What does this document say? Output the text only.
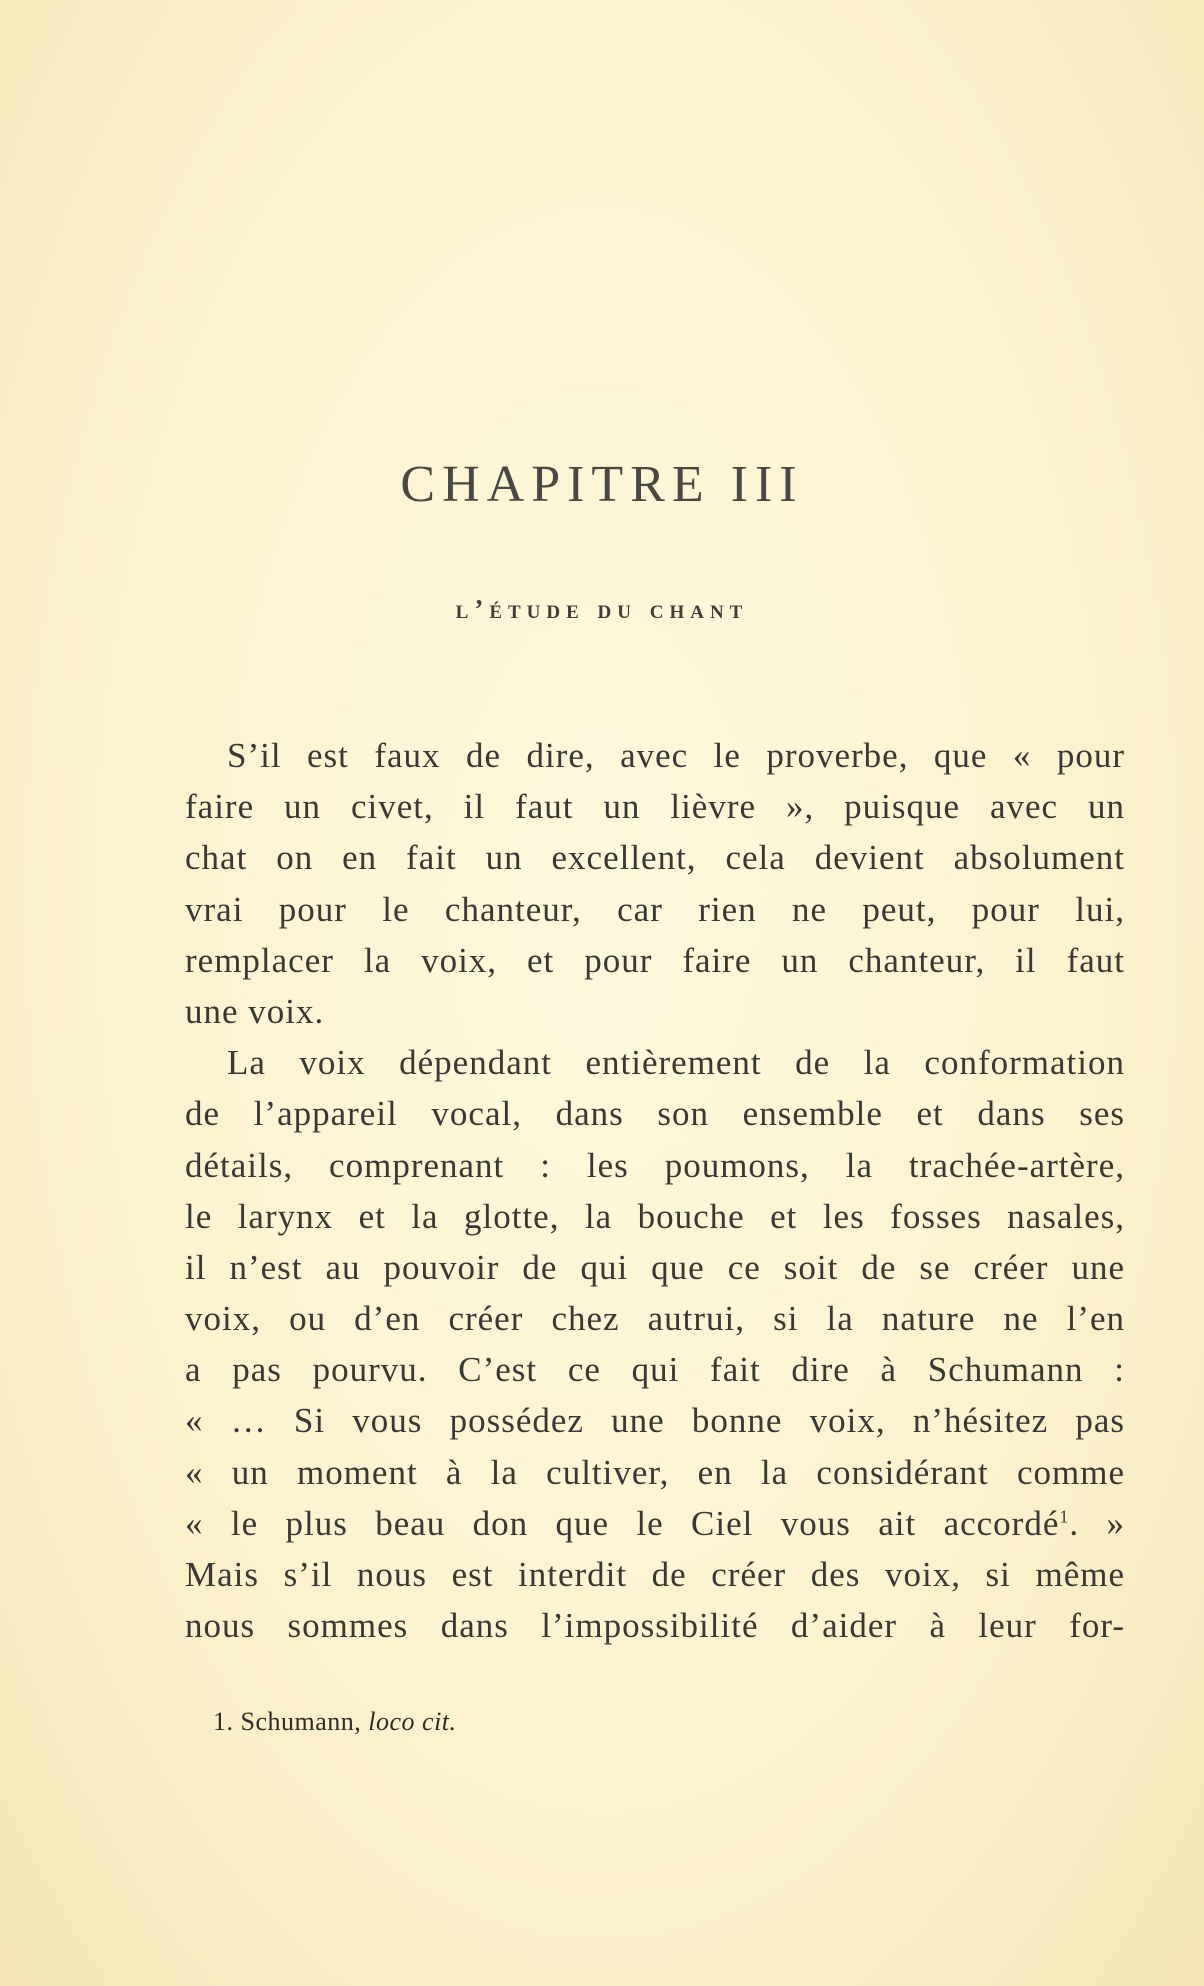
CHAPITRE III
l’étude du chant
S’il est faux de dire, avec le proverbe, que « pour
faire un civet, il faut un lièvre », puisque avec un
chat on en fait un excellent, cela devient absolument
vrai pour le chanteur, car rien ne peut, pour lui,
remplacer la voix, et pour faire un chanteur, il faut
une voix.
La voix dépendant entièrement de la conformation
de l’appareil vocal, dans son ensemble et dans ses
détails, comprenant : les poumons, la trachée-artère,
le larynx et la glotte, la bouche et les fosses nasales,
il n’est au pouvoir de qui que ce soit de se créer une
voix, ou d’en créer chez autrui, si la nature ne l’en
a pas pourvu. C’est ce qui fait dire à Schumann :
« … Si vous possédez une bonne voix, n’hésitez pas
« un moment à la cultiver, en la considérant comme
« le plus beau don que le Ciel vous ait accordé$^1$. »
Mais s’il nous est interdit de créer des voix, si même
nous sommes dans l’impossibilité d’aider à leur for-
1. Schumann, loco cit.
